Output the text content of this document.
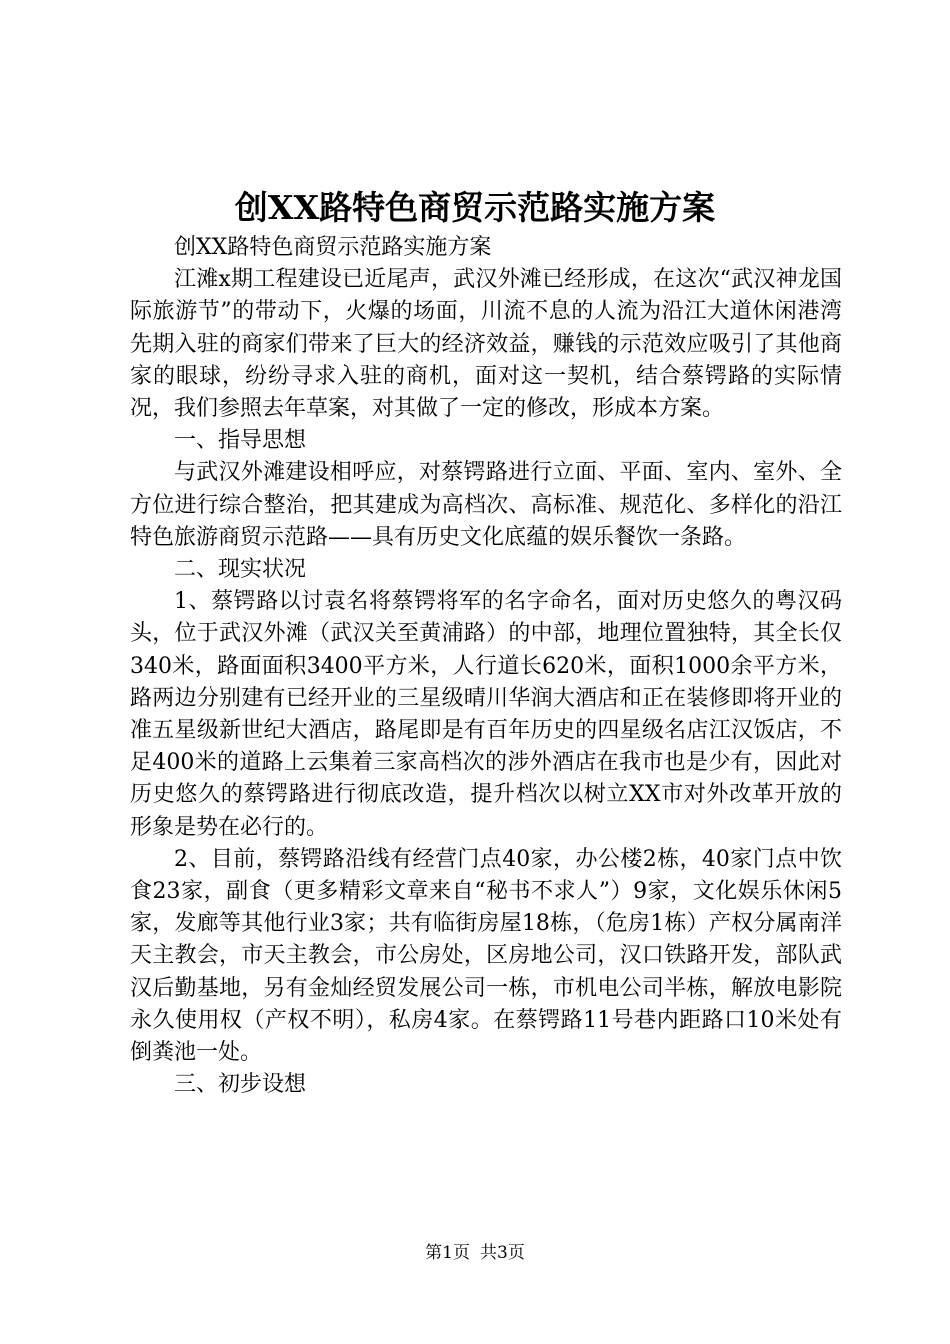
创XX路特色商贸示范路实施方案

创XX路特色商贸示范路实施方案

江滩x期工程建设已近尾声，武汉外滩已经形成，在这次“武汉神龙国际旅游节”的带动下，火爆的场面，川流不息的人流为沿江大道休闲港湾先期入驻的商家们带来了巨大的经济效益，赚钱的示范效应吸引了其他商家的眼球，纷纷寻求入驻的商机，面对这一契机，结合蔡锷路的实际情况，我们参照去年草案，对其做了一定的修改，形成本方案。

一、指导思想

与武汉外滩建设相呼应，对蔡锷路进行立面、平面、室内、室外、全方位进行综合整治，把其建成为高档次、高标准、规范化、多样化的沿江特色旅游商贸示范路——具有历史文化底蕴的娱乐餐饮一条路。

二、现实状况

1、蔡锷路以讨袁名将蔡锷将军的名字命名，面对历史悠久的粤汉码头，位于武汉外滩（武汉关至黄浦路）的中部，地理位置独特，其全长仅340米，路面面积3400平方米，人行道长620米，面积1000余平方米，路两边分别建有已经开业的三星级晴川华润大酒店和正在装修即将开业的准五星级新世纪大酒店，路尾即是有百年历史的四星级名店江汉饭店，不足400米的道路上云集着三家高档次的涉外酒店在我市也是少有，因此对历史悠久的蔡锷路进行彻底改造，提升档次以树立XX市对外改革开放的形象是势在必行的。

2、目前，蔡锷路沿线有经营门点40家，办公楼2栋，40家门点中饮食23家，副食（更多精彩文章来自“秘书不求人”）9家，文化娱乐休闲5家，发廊等其他行业3家；共有临街房屋18栋，（危房1栋）产权分属南洋天主教会，市天主教会，市公房处，区房地公司，汉口铁路开发，部队武汉后勤基地，另有金灿经贸发展公司一栋，市机电公司半栋，解放电影院永久使用权（产权不明），私房4家。在蔡锷路11号巷内距路口10米处有倒粪池一处。

三、初步设想

第1页 共3页
